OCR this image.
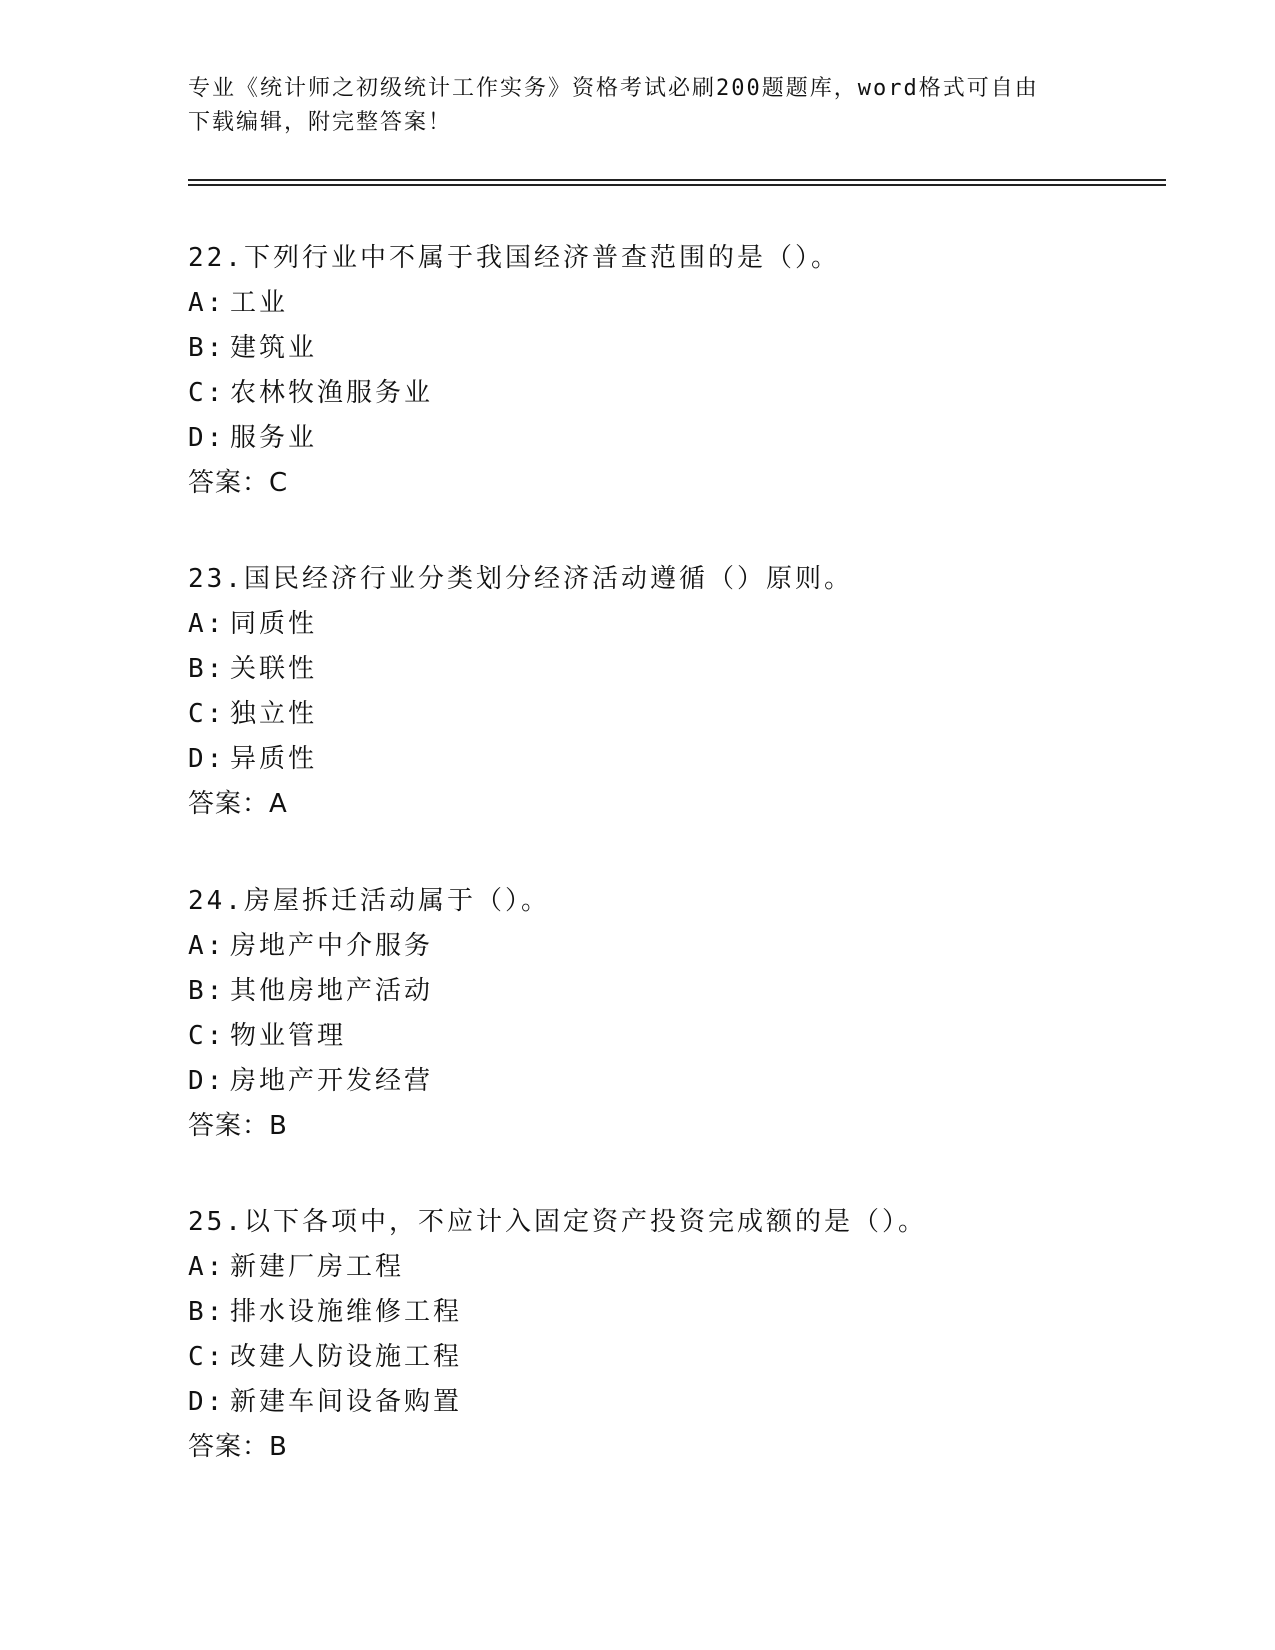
专业《统计师之初级统计工作实务》资格考试必刷200题题库，word格式可自由
下载编辑，附完整答案！
22.下列行业中不属于我国经济普查范围的是（）。
A: 工业
B: 建筑业
C: 农林牧渔服务业
D: 服务业
答案：C
23.国民经济行业分类划分经济活动遵循（）原则。
A: 同质性
B: 关联性
C: 独立性
D: 异质性
答案：A
24.房屋拆迁活动属于（）。
A: 房地产中介服务
B: 其他房地产活动
C: 物业管理
D: 房地产开发经营
答案：B
25.以下各项中，不应计入固定资产投资完成额的是（）。
A: 新建厂房工程
B: 排水设施维修工程
C: 改建人防设施工程
D: 新建车间设备购置
答案：B
